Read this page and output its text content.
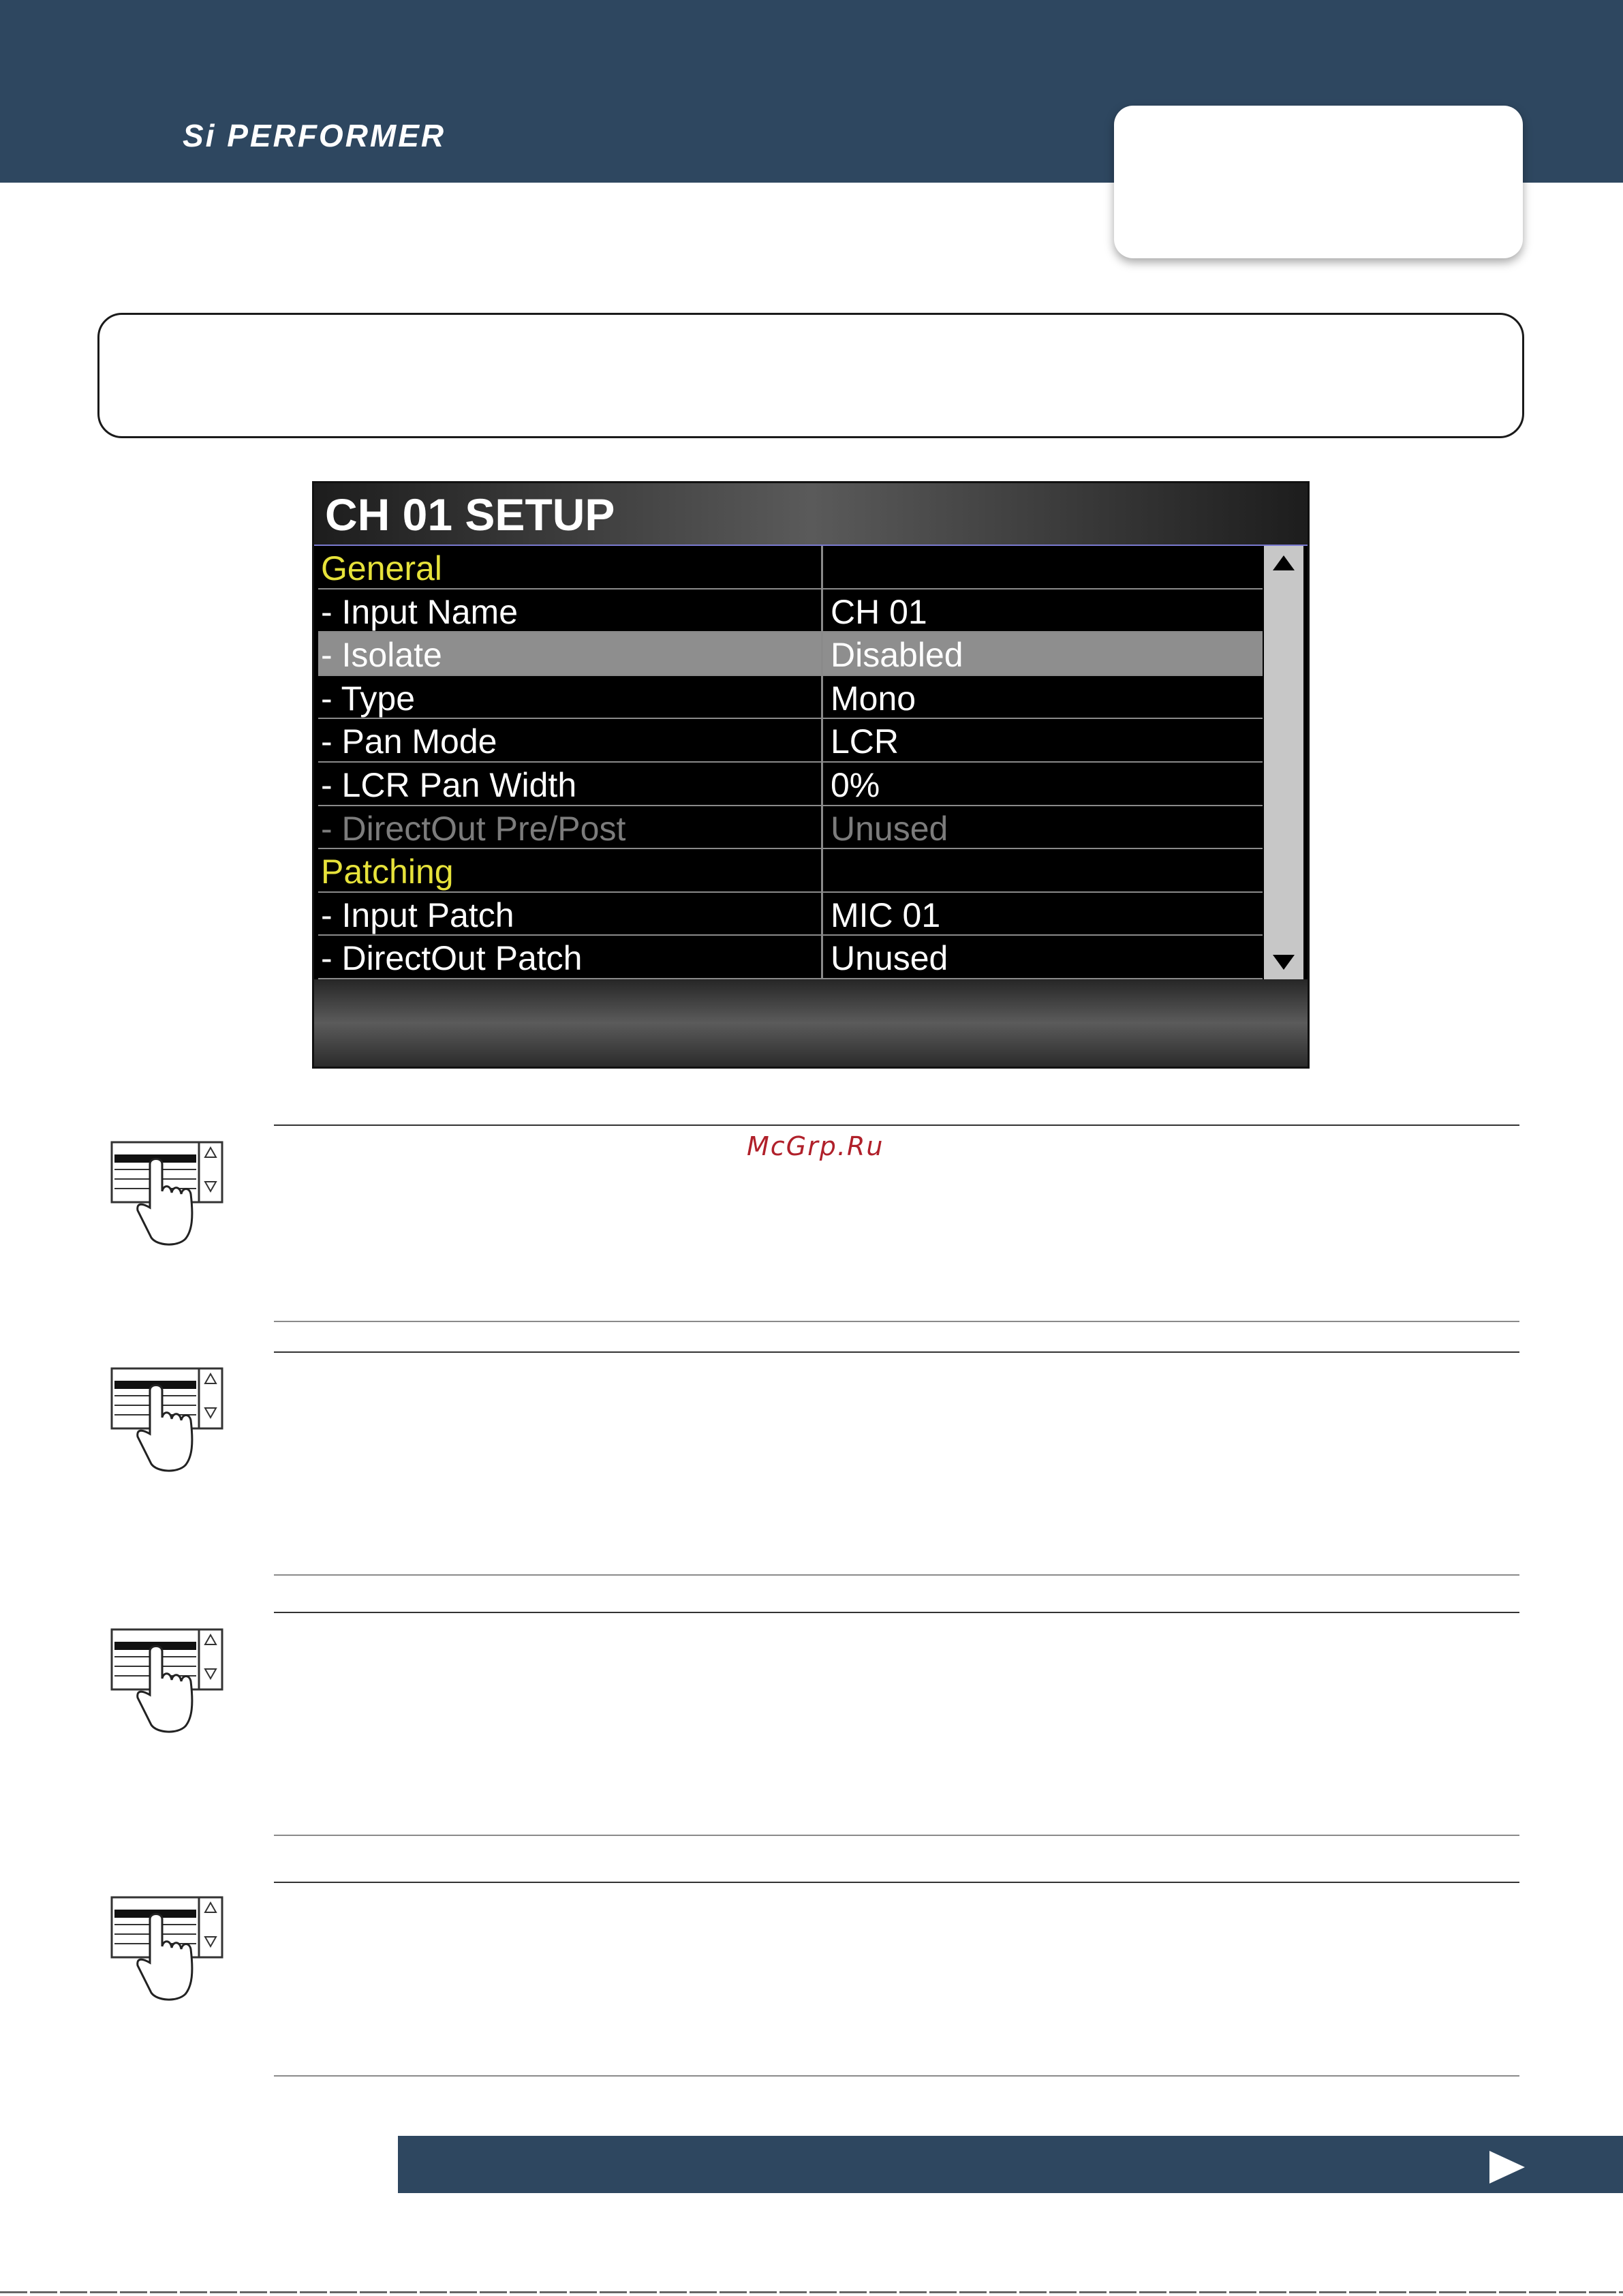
Si PERFORMER
CH 01 SETUP
General
- Input Name	CH 01
- Isolate	Disabled
- Type	Mono
- Pan Mode	LCR
- LCR Pan Width	0%
- DirectOut Pre/Post	Unused
Patching
- Input Patch	MIC 01
- DirectOut Patch	Unused
McGrp.Ru
